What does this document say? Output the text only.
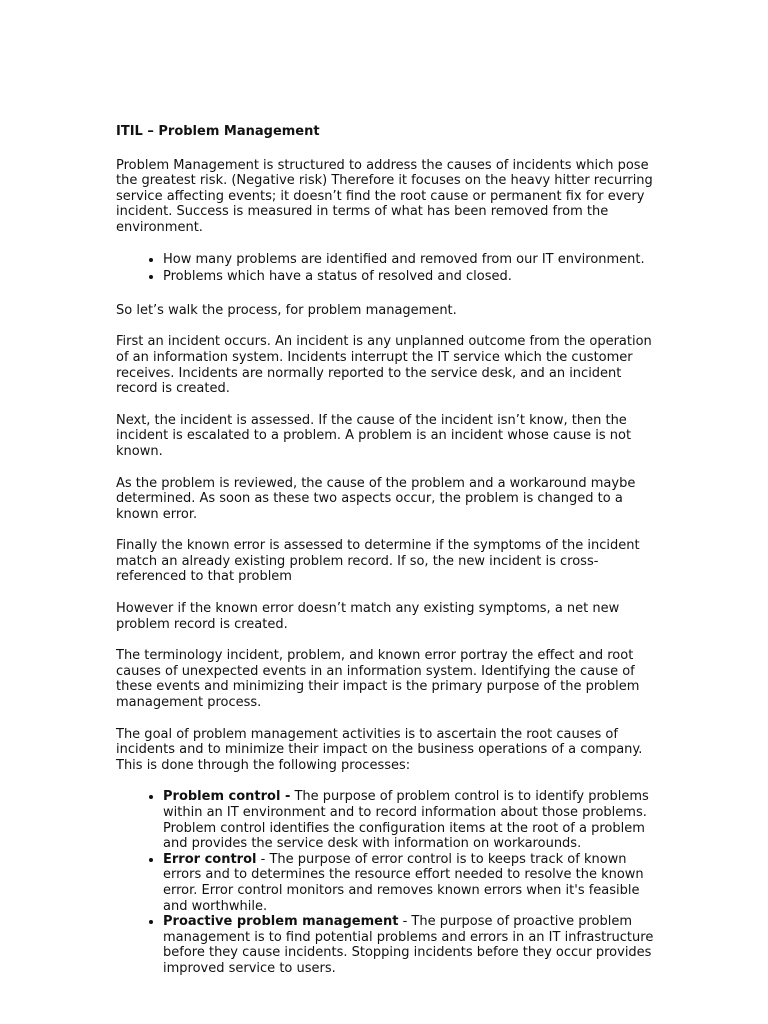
ITIL – Problem Management

Problem Management is structured to address the causes of incidents which pose the greatest risk. (Negative risk) Therefore it focuses on the heavy hitter recurring service affecting events; it doesn’t find the root cause or permanent fix for every incident. Success is measured in terms of what has been removed from the environment.

• How many problems are identified and removed from our IT environment.
• Problems which have a status of resolved and closed.

So let’s walk the process, for problem management.

First an incident occurs. An incident is any unplanned outcome from the operation of an information system. Incidents interrupt the IT service which the customer receives. Incidents are normally reported to the service desk, and an incident record is created.

Next, the incident is assessed. If the cause of the incident isn’t know, then the incident is escalated to a problem. A problem is an incident whose cause is not known.

As the problem is reviewed, the cause of the problem and a workaround maybe determined. As soon as these two aspects occur, the problem is changed to a known error.

Finally the known error is assessed to determine if the symptoms of the incident match an already existing problem record. If so, the new incident is cross-referenced to that problem

However if the known error doesn’t match any existing symptoms, a net new problem record is created.

The terminology incident, problem, and known error portray the effect and root causes of unexpected events in an information system. Identifying the cause of these events and minimizing their impact is the primary purpose of the problem management process.

The goal of problem management activities is to ascertain the root causes of incidents and to minimize their impact on the business operations of a company. This is done through the following processes:

• Problem control - The purpose of problem control is to identify problems within an IT environment and to record information about those problems. Problem control identifies the configuration items at the root of a problem and provides the service desk with information on workarounds.
• Error control - The purpose of error control is to keeps track of known errors and to determines the resource effort needed to resolve the known error. Error control monitors and removes known errors when it's feasible and worthwhile.
• Proactive problem management - The purpose of proactive problem management is to find potential problems and errors in an IT infrastructure before they cause incidents. Stopping incidents before they occur provides improved service to users.
